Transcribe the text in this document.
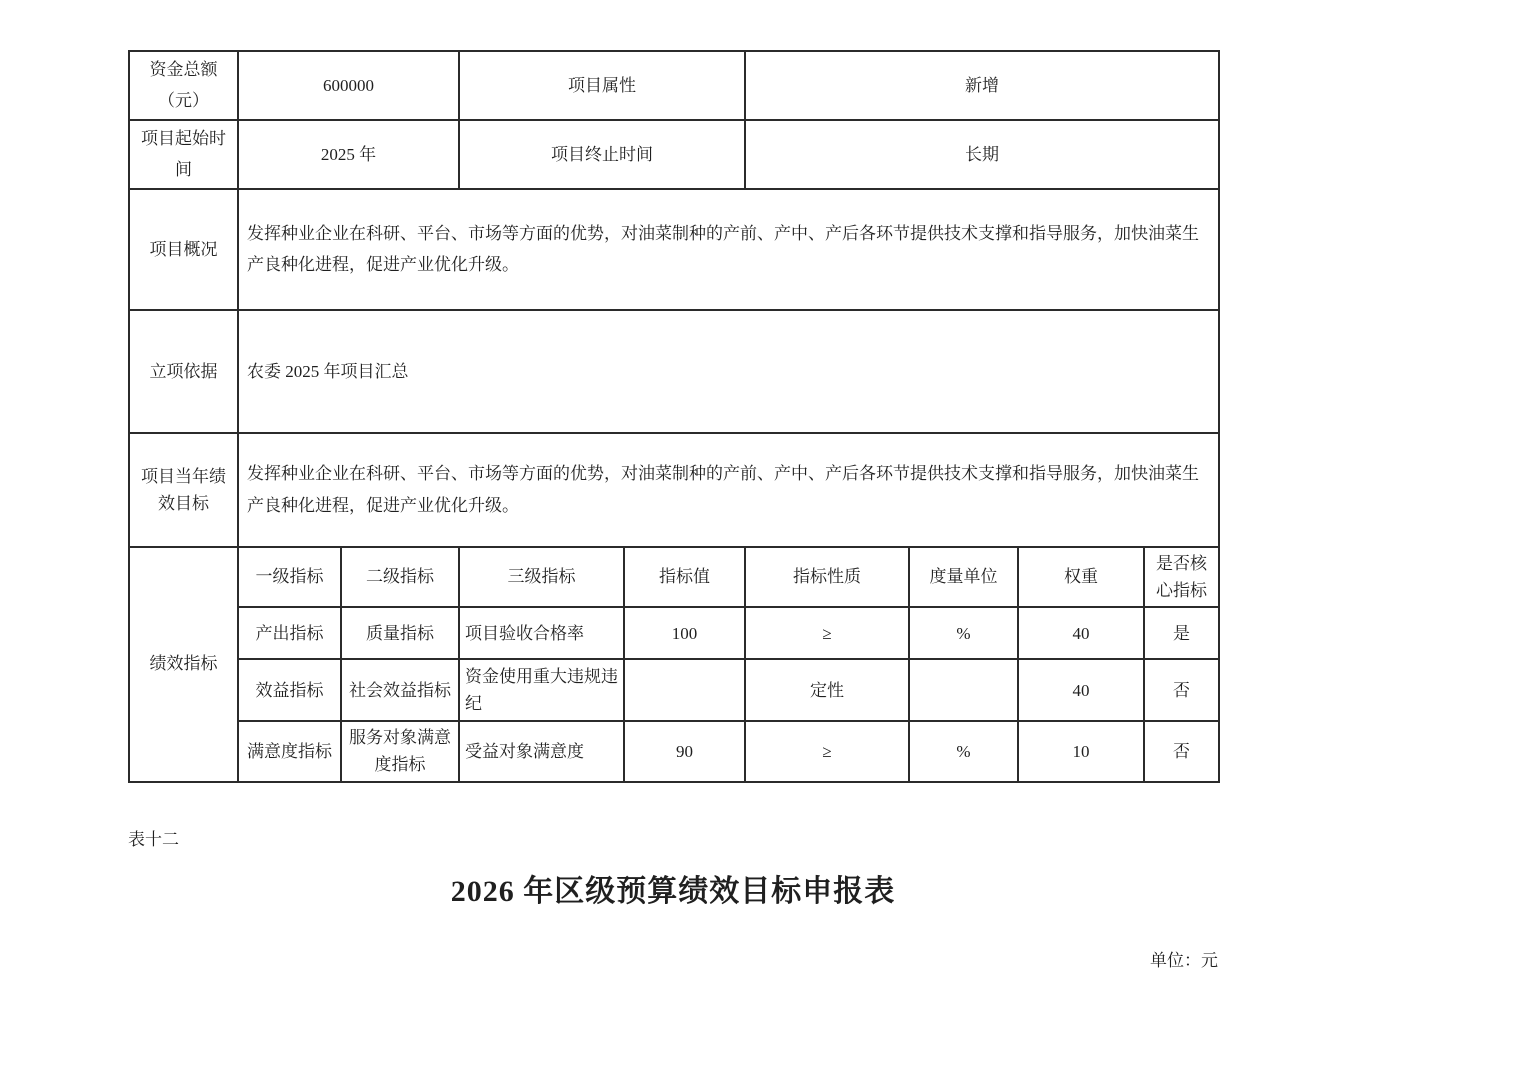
资金总额（元）	600000		项目属性		新增			
项目起始时间	2025 年		项目终止时间		长期			
项目概况	发挥种业企业在科研、平台、市场等方面的优势，对油菜制种的产前、产中、产后各环节提供技术支撑和指导服务，加快油菜生产良种化进程，促进产业优化升级。							
立项依据	农委 2025 年项目汇总							
项目当年绩效目标	发挥种业企业在科研、平台、市场等方面的优势，对油菜制种的产前、产中、产后各环节提供技术支撑和指导服务，加快油菜生产良种化进程，促进产业优化升级。							
绩效指标	一级指标	二级指标	三级指标	指标值	指标性质	度量单位	权重	是否核心指标
	产出指标	质量指标	项目验收合格率	100	≥	%	40	是
	效益指标	社会效益指标	资金使用重大违规违纪		定性		40	否
	满意度指标	服务对象满意度指标	受益对象满意度	90	≥	%	10	否
表十二
2026 年区级预算绩效目标申报表
单位：元
